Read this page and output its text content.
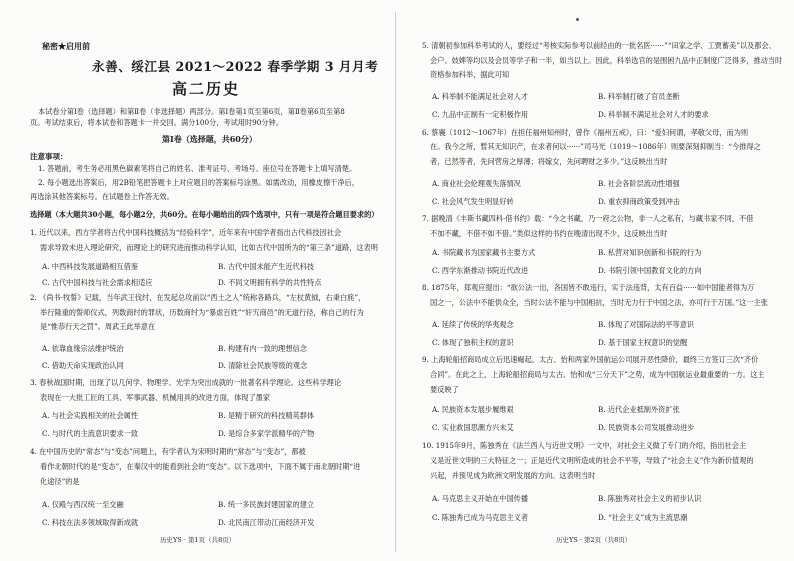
秘密★启用前
永善、绥江县 2021～2022 春季学期 3 月月考
高二历史
本试卷分第Ⅰ卷（选择题）和第Ⅱ卷（非选择题）两部分。第Ⅰ卷第1页至第6页，第Ⅱ卷第6页至第8
页。考试结束后，将本试卷和答题卡一并交回。满分100分，考试用时90分钟。
第Ⅰ卷（选择题，共60分）
注意事项：
1. 答题前，考生务必用黑色碳素笔将自己的姓名、准考证号、考场号、座位号在答题卡上填写清楚。
2. 每小题选出答案后，用2B铅笔把答题卡上对应题目的答案标号涂黑。如需改动，用橡皮擦干净后，
再选涂其他答案标号。在试题卷上作答无效。
选择题（本大题共30小题，每小题2分，共60分。在每小题给出的四个选项中，只有一项是符合题目要求的）
1. 近代以来，西方学者将古代中国科技概括为“经验科学”，近年来有中国学者指出古代科技因社会
需求导致未进入理论研究，而理论上的研究进而推动科学认知，比如古代中国所为的“第三条”道路，这表明
A. 中西科技发展道路相互借鉴	B. 古代中国未能产生近代科技
C. 古代中国科技与社会需求相适应	D. 不同文明拥有科学的共性特点
2. 《尚书·牧誓》记载，当年武王伐纣，在发起总攻前以“西土之人”统称各路兵，“左杖黄钺，右秉白旄”，
举行隆重的誓师仪式，列数商纣的罪状，历数商纣为“暴虐百姓”“奸宄商邑”的无道行径，称自己的行为
是“惟恭行天之罚”。周武王此举意在
A. 依靠血缘宗法维护统治	B. 构建有内一致的理想信念
C. 借助天命实现政治认同	D. 清除社会民族等级的观念
3. 春秋战国时期，出现了以几何学、物理学、光学为突出成就的一批著名科学理论。这些科学理论
表现在一大批工匠的工具、军事武器、机械用具的改进方面，体现了墨家
A. 与社会实践相关的社会属性	B. 是精于研究的科技精英群体
C. 与时代的主流意识要求一致	D. 是综合多家学派精华的产物
4. 在中国历史的“常态”与“变态”问题上，有学者认为宋明时期的“常态”与“变态”，都被
看作北朝时代的是“变态”，在秦汉中的能看到社会的“变态”。以下选项中，下面不属于南北朝时期“进
化途径”的是
A. 仅殿与西汉统一至交融	B. 统一多民族封建国家的建立
C. 科技在法多领域取得新成就	D. 北民南江带动江南经济开发
历史YS · 第1页（共8页）
5. 清朝初参加科举考试的人，要经过“考核实际参考以前经由的一批名医······”“田家之学、工贾蓄美”以及都会、
会户、妓婢等均以及会员等学子和一半，如当以上。因此，科举选官的是围困九品中正制度广泛得多，推动当时
资格参加科举，据此可知
A. 科举制不能满足社会对人才	B. 科举制打破了官员垄断
C. 九品中正制有一定积极作用	D. 科举制不满足社会对人才的要求
6. 蔡襄（1012～1067年）在担任福州知州时，曾作《福州五戒》，曰：“爱妇何谓，孝敬父母，而为则
在。我今之所，暂其无知识产，在求者何以······”司马光（1019～1086年）则要深刻抑制当：“今推得之
者，已然等者，先问营房之厚薄；将嫁女，先问聘财之多少。”这反映出当时
A. 商业社会伦理观失落情况	B. 社会各阶层流动性增强
C. 社会风气发生明显好转	D. 重农抑商政策受到冲击
7. 据晚清《丰斯书藏四科·借书约》载：“今之书藏，乃一府之公物，非一人之私有，与藏书家不同，不借
不加不藏，不借不如不借。”类似这样的书约在晚清出现不少，这反映出当时
A. 书院藏书为国家藏书主要方式	B. 私营对知识创新和书院的行为
C. 西学东渐推动书院近代改进	D. 书院引领中国教育文化的方向
8. 1875年，郑观应提出：“欲公法一出，各国皆不敢违行，实于法违背，太有百益······如中国能者得为万
国之一，公法中不能供众全，当时公法不能与中国相抗，当时无力行于中国之法，亦可行于万国。”这一主张
A. 延续了传统的华夷观念	B. 体现了对国际法的平等意识
C. 体现了独积主权的意识	D. 基于国家主权意识的觉醒
9. 上海轮船招商局成立后迅速崛起，太古、怡和两家外国航运公司展开恶性降价，最终三方签订三次“齐价
合同”。在此之上，上海轮船招商局与太古、怡和成“三分天下”之势，成为中国航运业最重要的一方。这主
要反映了
A. 民族资本发展步履维艰	B. 近代企业抵制外资扩张
C. 实业救国思潮方兴未艾	D. 民族资本公司发展推动进步
10. 1915年9月，陈独秀在《法兰西人与近世文明》一文中，对社会主义做了专门的介绍，指出社会主
义是近世文明的三大特征之一；正是近代文明所造成的社会不平等，导致了“社会主义”作为新价值观的
兴起，并预见成为欧洲文明发展的方向。这表明当时
A. 马克思主义开始在中国传播	B. 陈独秀对社会主义的初步认识
C. 陈独秀已成为马克思主义者	D. “社会主义”成为主流思潮
历史YS · 第2页（共8页）
